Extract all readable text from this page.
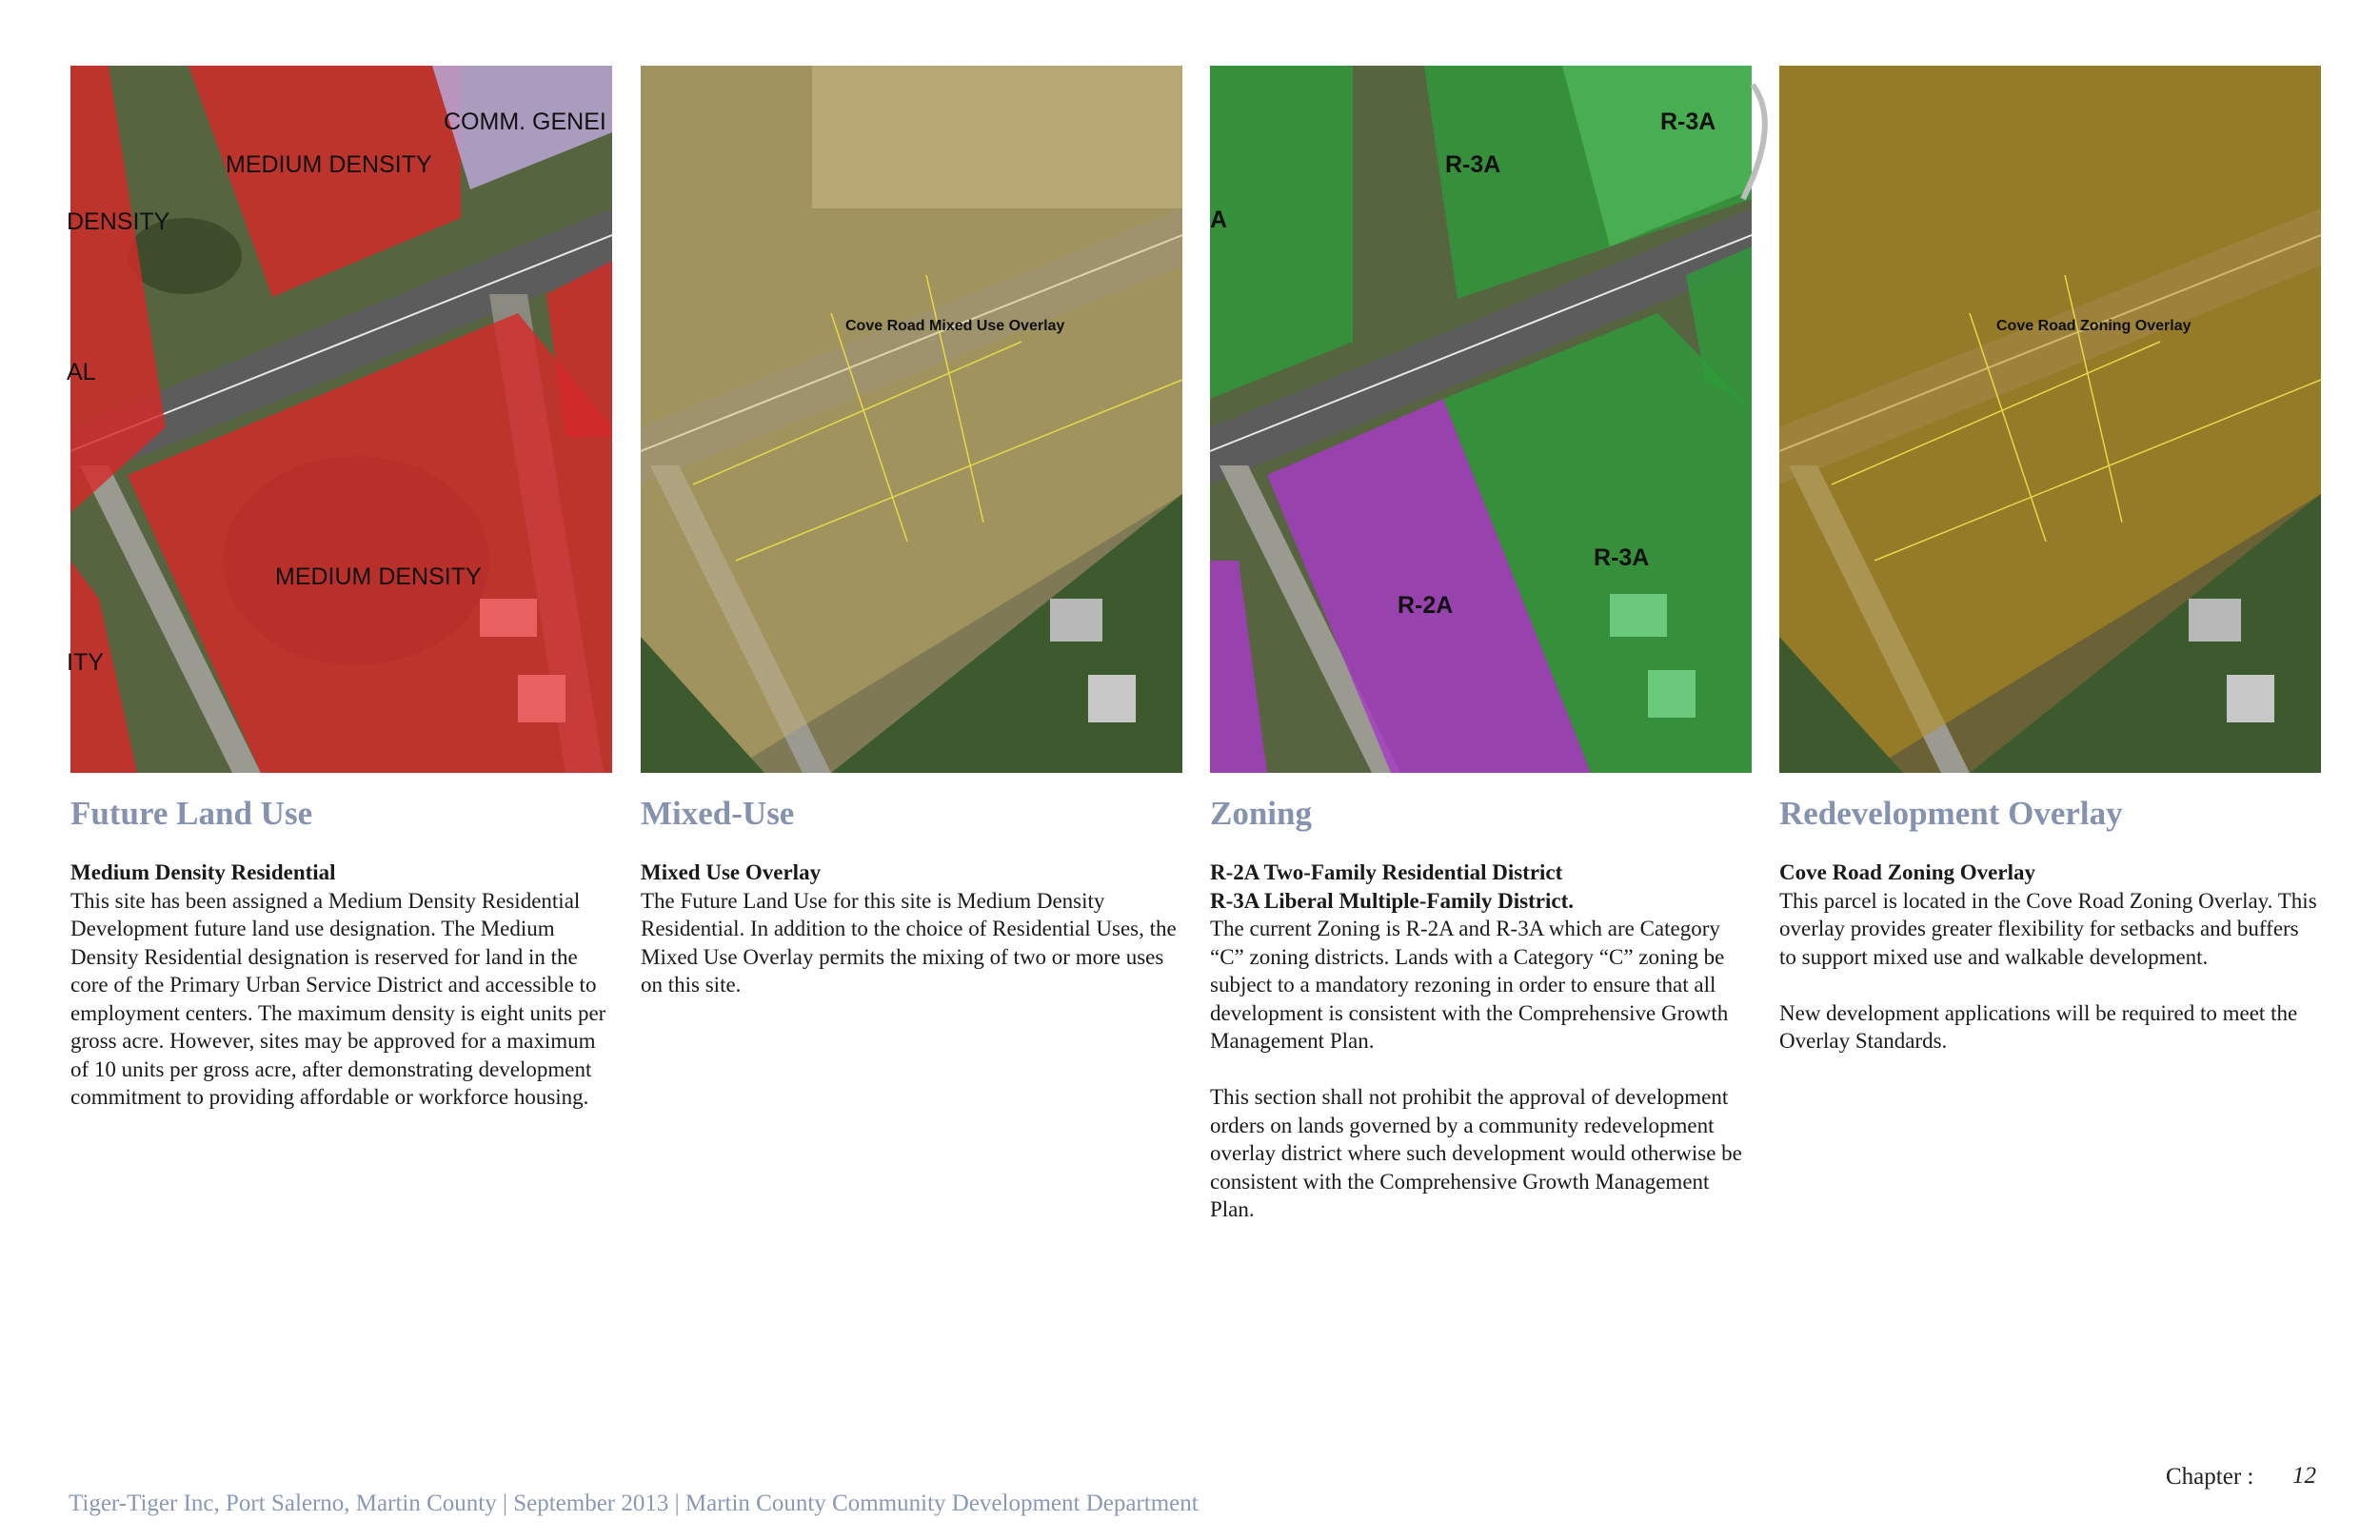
COMM. GENEI
MEDIUM DENSITY
DENSITY
AL
MEDIUM DENSITY
ITY
Future Land Use
Medium Density Residential
This site has been assigned a Medium Density Residential Development future land use designation. The Medium Density Residential designation is reserved for land in the core of the Primary Urban Service District and accessible to employment centers. The maximum density is eight units per gross acre. However, sites may be approved for a maximum of 10 units per gross acre, after demonstrating development commitment to providing affordable or workforce housing.
Cove Road Mixed Use Overlay
Mixed-Use
Mixed Use Overlay
The Future Land Use for this site is Medium Density Residential. In addition to the choice of Residential Uses, the Mixed Use Overlay permits the mixing of two or more uses on this site.
R-3A
R-3A
A
R-3A
R-2A
Zoning
R-2A Two-Family Residential District
R-3A Liberal Multiple-Family District.
The current Zoning is R-2A and R-3A which are Category “C” zoning districts. Lands with a Category “C” zoning be subject to a mandatory rezoning in order to ensure that all development is consistent with the Comprehensive Growth Management Plan.
This section shall not prohibit the approval of development orders on lands governed by a community redevelopment overlay district where such development would otherwise be consistent with the Comprehensive Growth Management Plan.
Cove Road Zoning Overlay
Redevelopment Overlay
Cove Road Zoning Overlay
This parcel is located in the Cove Road Zoning Overlay. This overlay provides greater flexibility for setbacks and buffers to support mixed use and walkable development.
New development applications will be required to meet the Overlay Standards.
Chapter : 12
Tiger-Tiger Inc, Port Salerno, Martin County | September 2013 | Martin County Community Development Department
